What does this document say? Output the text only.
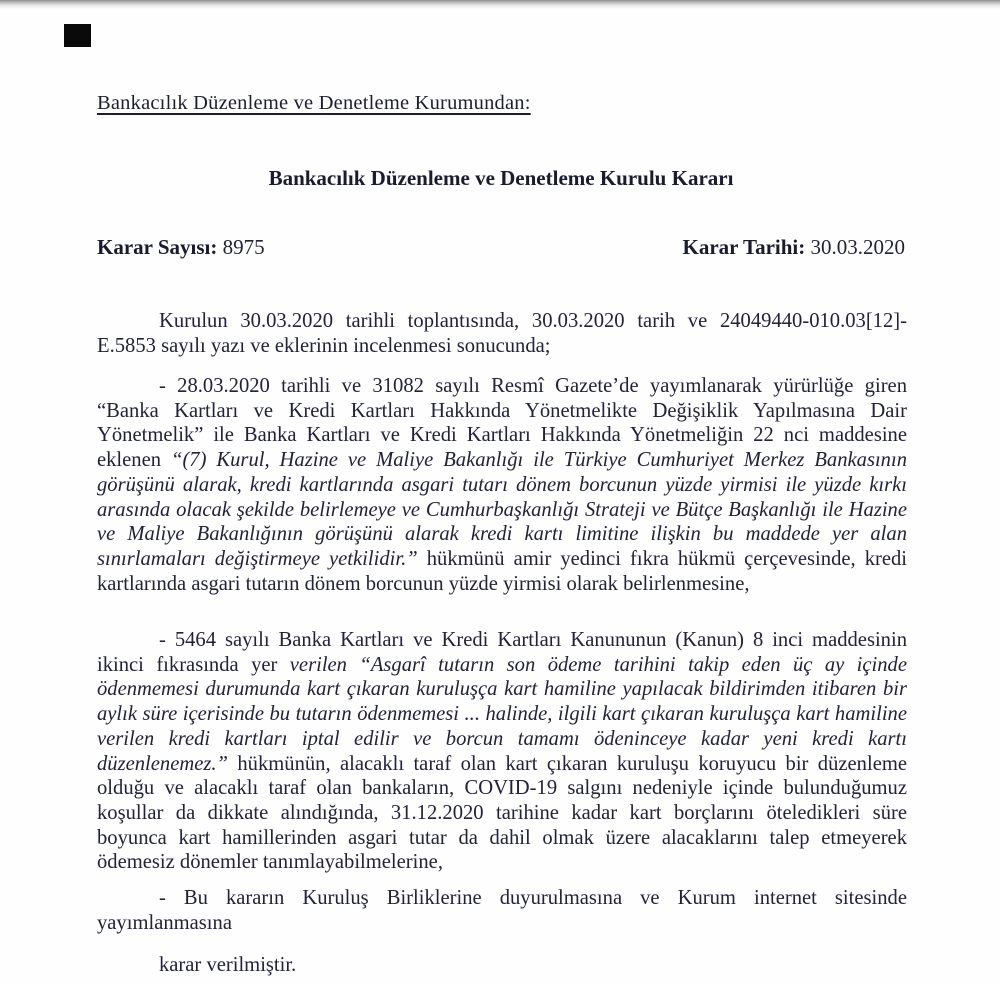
Bankacılık Düzenleme ve Denetleme Kurumundan:
Bankacılık Düzenleme ve Denetleme Kurulu Kararı
Karar Sayısı: 8975	Karar Tarihi: 30.03.2020
Kurulun 30.03.2020 tarihli toplantısında, 30.03.2020 tarih ve 24049440-010.03[12]-E.5853 sayılı yazı ve eklerinin incelenmesi sonucunda;
- 28.03.2020 tarihli ve 31082 sayılı Resmî Gazete’de yayımlanarak yürürlüğe giren “Banka Kartları ve Kredi Kartları Hakkında Yönetmelikte Değişiklik Yapılmasına Dair Yönetmelik” ile Banka Kartları ve Kredi Kartları Hakkında Yönetmeliğin 22 nci maddesine eklenen “(7) Kurul, Hazine ve Maliye Bakanlığı ile Türkiye Cumhuriyet Merkez Bankasının görüşünü alarak, kredi kartlarında asgari tutarı dönem borcunun yüzde yirmisi ile yüzde kırkı arasında olacak şekilde belirlemeye ve Cumhurbaşkanlığı Strateji ve Bütçe Başkanlığı ile Hazine ve Maliye Bakanlığının görüşünü alarak kredi kartı limitine ilişkin bu maddede yer alan sınırlamaları değiştirmeye yetkilidir.” hükmünü amir yedinci fıkra hükmü çerçevesinde, kredi kartlarında asgari tutarın dönem borcunun yüzde yirmisi olarak belirlenmesine,
- 5464 sayılı Banka Kartları ve Kredi Kartları Kanununun (Kanun) 8 inci maddesinin ikinci fıkrasında yer verilen “Asgarî tutarın son ödeme tarihini takip eden üç ay içinde ödenmemesi durumunda kart çıkaran kuruluşça kart hamiline yapılacak bildirimden itibaren bir aylık süre içerisinde bu tutarın ödenmemesi ... halinde, ilgili kart çıkaran kuruluşça kart hamiline verilen kredi kartları iptal edilir ve borcun tamamı ödeninceye kadar yeni kredi kartı düzenlenemez.” hükmünün, alacaklı taraf olan kart çıkaran kuruluşu koruyucu bir düzenleme olduğu ve alacaklı taraf olan bankaların, COVID-19 salgını nedeniyle içinde bulunduğumuz koşullar da dikkate alındığında, 31.12.2020 tarihine kadar kart borçlarını öteledikleri süre boyunca kart hamillerinden asgari tutar da dahil olmak üzere alacaklarını talep etmeyerek ödemesiz dönemler tanımlayabilmelerine,
- Bu kararın Kuruluş Birliklerine duyurulmasına ve Kurum internet sitesinde yayımlanmasına
karar verilmiştir.
